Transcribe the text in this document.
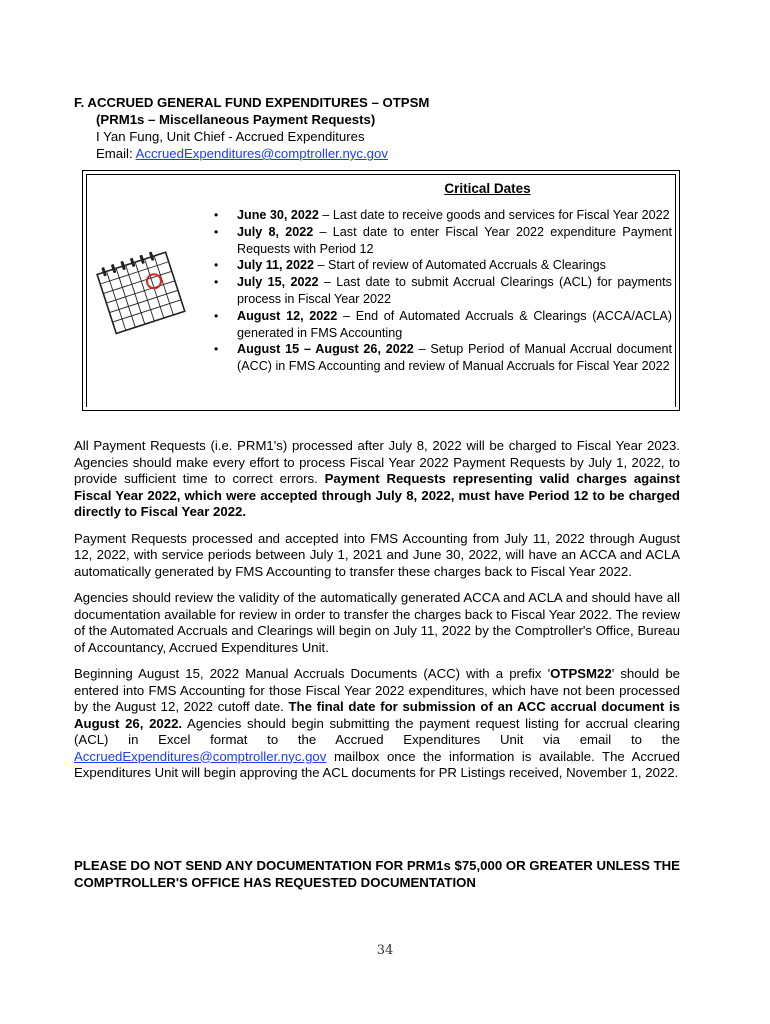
F. ACCRUED GENERAL FUND EXPENDITURES – OTPSM
(PRM1s – Miscellaneous Payment Requests)
I Yan Fung, Unit Chief - Accrued Expenditures
Email: AccruedExpenditures@comptroller.nyc.gov
Critical Dates
• June 30, 2022 – Last date to receive goods and services for Fiscal Year 2022
• July 8, 2022 – Last date to enter Fiscal Year 2022 expenditure Payment Requests with Period 12
• July 11, 2022 – Start of review of Automated Accruals & Clearings
• July 15, 2022 – Last date to submit Accrual Clearings (ACL) for payments process in Fiscal Year 2022
• August 12, 2022 – End of Automated Accruals & Clearings (ACCA/ACLA) generated in FMS Accounting
• August 15 – August 26, 2022 – Setup Period of Manual Accrual document (ACC) in FMS Accounting and review of Manual Accruals for Fiscal Year 2022

All Payment Requests (i.e. PRM1's) processed after July 8, 2022 will be charged to Fiscal Year 2023. Agencies should make every effort to process Fiscal Year 2022 Payment Requests by July 1, 2022, to provide sufficient time to correct errors. Payment Requests representing valid charges against Fiscal Year 2022, which were accepted through July 8, 2022, must have Period 12 to be charged directly to Fiscal Year 2022.

Payment Requests processed and accepted into FMS Accounting from July 11, 2022 through August 12, 2022, with service periods between July 1, 2021 and June 30, 2022, will have an ACCA and ACLA automatically generated by FMS Accounting to transfer these charges back to Fiscal Year 2022.

Agencies should review the validity of the automatically generated ACCA and ACLA and should have all documentation available for review in order to transfer the charges back to Fiscal Year 2022. The review of the Automated Accruals and Clearings will begin on July 11, 2022 by the Comptroller's Office, Bureau of Accountancy, Accrued Expenditures Unit.

Beginning August 15, 2022 Manual Accruals Documents (ACC) with a prefix 'OTPSM22' should be entered into FMS Accounting for those Fiscal Year 2022 expenditures, which have not been processed by the August 12, 2022 cutoff date. The final date for submission of an ACC accrual document is August 26, 2022. Agencies should begin submitting the payment request listing for accrual clearing (ACL) in Excel format to the Accrued Expenditures Unit via email to the AccruedExpenditures@comptroller.nyc.gov mailbox once the information is available. The Accrued Expenditures Unit will begin approving the ACL documents for PR Listings received, November 1, 2022.

PLEASE DO NOT SEND ANY DOCUMENTATION FOR PRM1s $75,000 OR GREATER UNLESS THE COMPTROLLER'S OFFICE HAS REQUESTED DOCUMENTATION
34
